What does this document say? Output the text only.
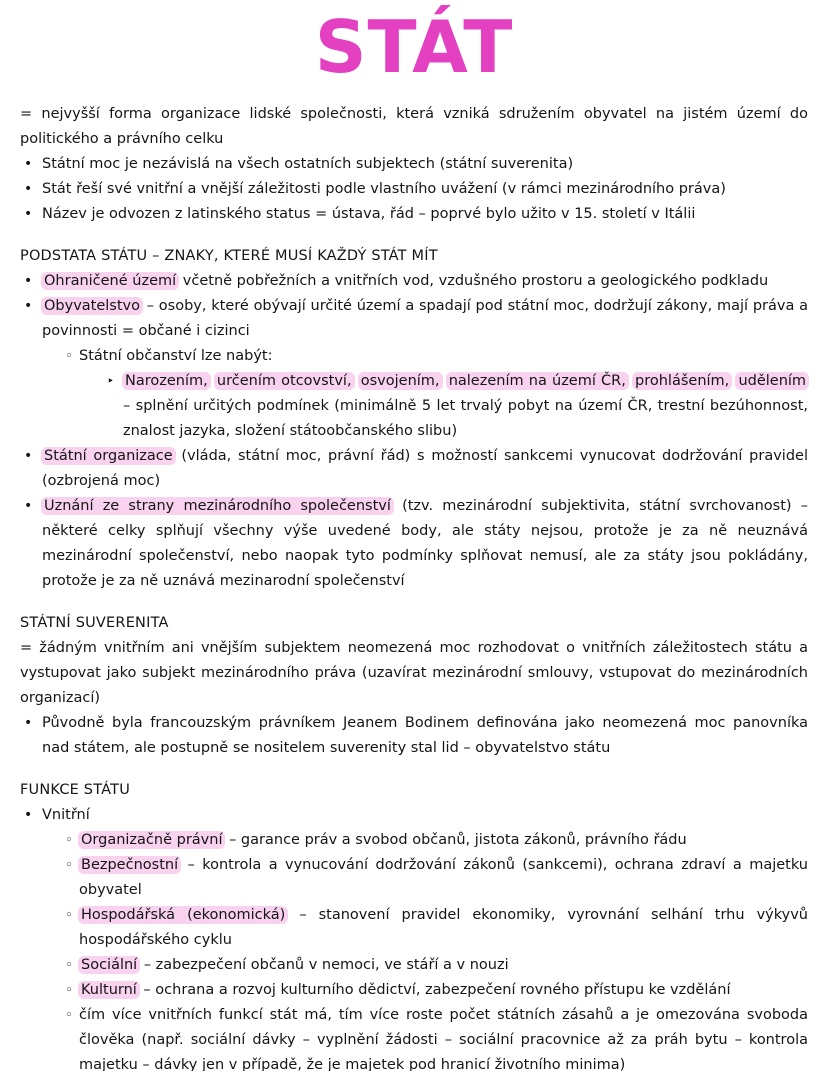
STÁT
= nejvyšší forma organizace lidské společnosti, která vzniká sdružením obyvatel na jistém území do politického a právního celku
• Státní moc je nezávislá na všech ostatních subjektech (státní suverenita)
• Stát řeší své vnitřní a vnější záležitosti podle vlastního uvážení (v rámci mezinárodního práva)
• Název je odvozen z latinského status = ústava, řád – poprvé bylo užito v 15. století v Itálii
PODSTATA STÁTU – ZNAKY, KTERÉ MUSÍ KAŽDÝ STÁT MÍT
• Ohraničené území včetně pobřežních a vnitřních vod, vzdušného prostoru a geologického podkladu
• Obyvatelstvo – osoby, které obývají určité území a spadají pod státní moc, dodržují zákony, mají práva a povinnosti = občané i cizinci
◦ Státní občanství lze nabýt:
‣ Narozením, určením otcovství, osvojením, nalezením na území ČR, prohlášením, udělením – splnění určitých podmínek (minimálně 5 let trvalý pobyt na území ČR, trestní bezúhonnost, znalost jazyka, složení státoobčanského slibu)
• Státní organizace (vláda, státní moc, právní řád) s možností sankcemi vynucovat dodržování pravidel (ozbrojená moc)
• Uznání ze strany mezinárodního společenství (tzv. mezinárodní subjektivita, státní svrchovanost) – některé celky splňují všechny výše uvedené body, ale státy nejsou, protože je za ně neuznává mezinárodní společenství, nebo naopak tyto podmínky splňovat nemusí, ale za státy jsou pokládány, protože je za ně uznává mezinarodní společenství
STÁTNÍ SUVERENITA
= žádným vnitřním ani vnějším subjektem neomezená moc rozhodovat o vnitřních záležitostech státu a vystupovat jako subjekt mezinárodního práva (uzavírat mezinárodní smlouvy, vstupovat do mezinárodních organizací)
• Původně byla francouzským právníkem Jeanem Bodinem definována jako neomezená moc panovníka nad státem, ale postupně se nositelem suverenity stal lid – obyvatelstvo státu
FUNKCE STÁTU
• Vnitřní
◦ Organizačně právní – garance práv a svobod občanů, jistota zákonů, právního řádu
◦ Bezpečnostní – kontrola a vynucování dodržování zákonů (sankcemi), ochrana zdraví a majetku obyvatel
◦ Hospodářská (ekonomická) – stanovení pravidel ekonomiky, vyrovnání selhání trhu výkyvů hospodářského cyklu
◦ Sociální – zabezpečení občanů v nemoci, ve stáří a v nouzi
◦ Kulturní – ochrana a rozvoj kulturního dědictví, zabezpečení rovného přístupu ke vzdělání
◦ čím více vnitřních funkcí stát má, tím více roste počet státních zásahů a je omezována svoboda člověka (např. sociální dávky – vyplnění žádosti – sociální pracovnice až za práh bytu – kontrola majetku – dávky jen v případě, že je majetek pod hranicí životního minima)
